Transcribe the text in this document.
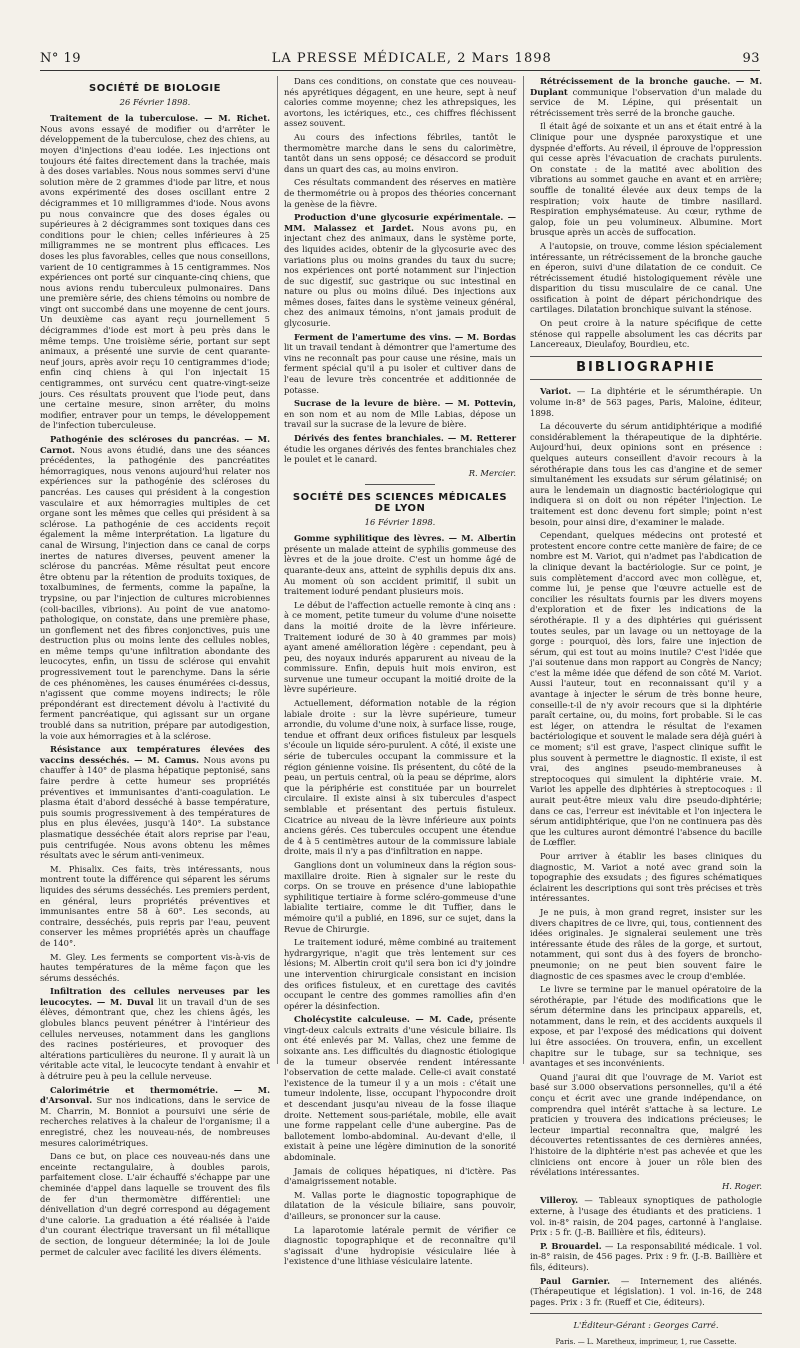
N° 19	LA PRESSE MÉDICALE, 2 Mars 1898	93
SOCIÉTÉ DE BIOLOGIE
26 Février 1898.

Traitement de la tuberculose. — M. Richet. Nous avons essayé de modifier ou d'arrêter le développement de la tuberculose, chez des chiens, au moyen d'injections d'eau iodée. Les injections ont toujours été faites directement dans la trachée, mais à des doses variables. Nous nous sommes servi d'une solution mère de 2 grammes d'iode par litre, et nous avons expérimenté des doses oscillant entre 2 décigrammes et 10 milligrammes d'iode. Nous avons pu nous convaincre que des doses égales ou supérieures à 2 décigrammes sont toxiques dans ces conditions pour le chien; celles inférieures à 25 milligrammes ne se montrent plus efficaces. Les doses les plus favorables, celles que nous conseillons, varient de 10 centigrammes à 15 centigrammes. Nos expériences ont porté sur cinquante-cinq chiens, que nous avions rendu tuberculeux pulmonaires. Dans une première série, des chiens témoins ou nombre de vingt ont succombé dans une moyenne de cent jours. Un deuxième cas ayant reçu journellement 5 décigrammes d'iode est mort à peu près dans le même temps. Une troisième série, portant sur sept animaux, a présenté une survie de cent quarante-neuf jours, après avoir reçu 10 centigrammes d'iode; enfin cinq chiens à qui l'on injectait 15 centigrammes, ont survécu cent quatre-vingt-seize jours. Ces résultats prouvent que l'iode peut, dans une certaine mesure, sinon arrêter, du moins modifier, entraver pour un temps, le développement de l'infection tuberculeuse.

Pathogénie des scléroses du pancréas. — M. Carnot. Nous avons étudié, dans une des séances précédentes, la pathogénie des pancréatites hémorragiques, nous venons aujourd'hui relater nos expériences sur la pathogénie des scléroses du pancréas. Les causes qui président à la congestion vasculaire et aux hémorragies multiples de cet organe sont les mêmes que celles qui président à sa sclérose. La pathogénie de ces accidents reçoit également la même interprétation. La ligature du canal de Wirsung, l'injection dans ce canal de corps inertes de natures diverses, peuvent amener la sclérose du pancréas. Même résultat peut encore être obtenu par la rétention de produits toxiques, de toxalbumines, de ferments, comme la papaïne, la trypsine, ou par l'injection de cultures microbiennes (coli-bacilles, vibrions). Au point de vue anatomo-pathologique, on constate, dans une première phase, un gonflement net des fibres conjonctives, puis une destruction plus ou moins lente des cellules nobles, en même temps qu'une infiltration abondante des leucocytes, enfin, un tissu de sclérose qui envahit progressivement tout le parenchyme. Dans la série de ces phénomènes, les causes énumérées ci-dessus, n'agissent que comme moyens indirects; le rôle prépondérant est directement dévolu à l'activité du ferment pancréatique, qui agissant sur un organe troublé dans sa nutrition, prépare par autodigestion, la voie aux hémorragies et à la sclérose.

Résistance aux températures élevées des vaccins desséchés. — M. Camus. Nous avons pu chauffer à 140° de plasma hépatique peptonisé, sans faire perdre à cette humeur ses propriétés préventives et immunisantes d'anti-coagulation. Le plasma était d'abord desséché à basse température, puis soumis progressivement à des températures de plus en plus élevées, jusqu'à 140°. La substance plasmatique desséchée était alors reprise par l'eau, puis centrifugée. Nous avons obtenu les mêmes résultats avec le sérum anti-venimeux.

M. Phisalix. Ces faits, très intéressants, nous montrent toute la différence qui séparent les sérums liquides des sérums desséchés. Les premiers perdent, en général, leurs propriétés préventives et immunisantes entre 58 à 60°. Les seconds, au contraire, desséchés, puis repris par l'eau, peuvent conserver les mêmes propriétés après un chauffage de 140°.

M. Gley. Les ferments se comportent vis-à-vis de hautes températures de la même façon que les sérums desséchés.

Infiltration des cellules nerveuses par les leucocytes. — M. Duval lit un travail d'un de ses élèves, démontrant que, chez les chiens âgés, les globules blancs peuvent pénétrer à l'intérieur des cellules nerveuses, notamment dans les ganglions des racines postérieures, et provoquer des altérations particulières du neurone. Il y aurait là un véritable acte vital, le leucocyte tendant à envahir et à détruire peu à peu la cellule nerveuse.

Calorimétrie et thermométrie. — M. d'Arsonval. Sur nos indications, dans le service de M. Charrin, M. Bonniot a poursuivi une série de recherches relatives à la chaleur de l'organisme; il a enregistré, chez les nouveau-nés, de nombreuses mesures calorimétriques.

Dans ce but, on place ces nouveau-nés dans une enceinte rectangulaire, à doubles parois, parfaitement close. L'air échauffé s'échappe par une cheminée d'appel dans laquelle se trouvent des fils de fer d'un thermomètre différentiel: une dénivellation d'un degré correspond au dégagement d'une calorie. La graduation a été réalisée à l'aide d'un courant électrique traversant un fil métallique de section, de longueur déterminée; la loi de Joule permet de calculer avec facilité les divers éléments.

Dans ces conditions, on constate que ces nouveau-nés apyrétiques dégagent, en une heure, sept à neuf calories comme moyenne; chez les athrepsiques, les avortons, les ictériques, etc., ces chiffres fléchissent assez souvent.

Au cours des infections fébriles, tantôt le thermomètre marche dans le sens du calorimètre, tantôt dans un sens opposé; ce désaccord se produit dans un quart des cas, au moins environ.

Ces résultats commandent des réserves en matière de thermométrie ou à propos des théories concernant la genèse de la fièvre.

Production d'une glycosurie expérimentale. — MM. Malassez et Jardet. Nous avons pu, en injectant chez des animaux, dans le système porte, des liquides acides, obtenir de la glycosurie avec des variations plus ou moins grandes du taux du sucre; nos expériences ont porté notamment sur l'injection de suc digestif, suc gastrique ou suc intestinal en nature ou plus ou moins dilué. Des injections aux mêmes doses, faites dans le système veineux général, chez des animaux témoins, n'ont jamais produit de glycosurie.

Ferment de l'amertume des vins. — M. Bordas lit un travail tendant à démontrer que l'amertume des vins ne reconnaît pas pour cause une résine, mais un ferment spécial qu'il a pu isoler et cultiver dans de l'eau de levure très concentrée et additionnée de potasse.

Sucrase de la levure de bière. — M. Pottevin, en son nom et au nom de Mlle Labias, dépose un travail sur la sucrase de la levure de bière.

Dérivés des fentes branchiales. — M. Retterer étudie les organes dérivés des fentes branchiales chez le poulet et le canard.

R. Mercier.
SOCIÉTÉ DES SCIENCES MÉDICALES DE LYON
16 Février 1898.

Gomme syphilitique des lèvres. — M. Albertin présente un malade atteint de syphilis gommeuse des lèvres et de la joue droite. C'est un homme âgé de quarante-deux ans, atteint de syphilis depuis dix ans. Au moment où son accident primitif, il subit un traitement ioduré pendant plusieurs mois.

Le début de l'affection actuelle remonte à cinq ans : à ce moment, petite tumeur du volume d'une noisette dans la moitié droite de la lèvre inférieure. Traitement ioduré de 30 à 40 grammes par mois) ayant amené amélioration légère : cependant, peu à peu, des noyaux indurés apparurent au niveau de la commissure. Enfin, depuis huit mois environ, est survenue une tumeur occupant la moitié droite de la lèvre supérieure.

Actuellement, déformation notable de la région labiale droite : sur la lèvre supérieure, tumeur arrondie, du volume d'une noix, à surface lisse, rouge, tendue et offrant deux orifices fistuleux par lesquels s'écoule un liquide séro-purulent. A côté, il existe une série de tubercules occupant la commissure et la région génienne voisine. Ils présentent, du côté de la peau, un pertuis central, où la peau se déprime, alors que la périphérie est constituée par un bourrelet circulaire. Il existe ainsi à six tubercules d'aspect semblable et présentant des pertuis fistuleux. Cicatrice au niveau de la lèvre inférieure aux points anciens gérés. Ces tubercules occupent une étendue de 4 à 5 centimètres autour de la commissure labiale droite, mais il n'y a pas d'infiltration en nappe.

Ganglions dont un volumineux dans la région sous-maxillaire droite. Rien à signaler sur le reste du corps. On se trouve en présence d'une labiopathie syphilitique tertiaire à forme scléro-gommeuse d'une labialite tertiaire, comme le dit Tuffier, dans le mémoire qu'il a publié, en 1896, sur ce sujet, dans la Revue de Chirurgie.

Le traitement ioduré, même combiné au traitement hydrargyrique, n'agit que très lentement sur ces lésions; M. Albertin croit qu'il sera bon ici d'y joindre une intervention chirurgicale consistant en incision des orifices fistuleux, et en curettage des cavités occupant le centre des gommes ramollies afin d'en opérer la désinfection.

Cholécystite calculeuse. — M. Cade, présente vingt-deux calculs extraits d'une vésicule biliaire. Ils ont été enlevés par M. Vallas, chez une femme de soixante ans. Les difficultés du diagnostic étiologique de la tumeur observée rendent intéressante l'observation de cette malade. Celle-ci avait constaté l'existence de la tumeur il y a un mois : c'était une tumeur indolente, lisse, occupant l'hypocondre droit et descendant jusqu'au niveau de la fosse iliaque droite. Nettement sous-pariétale, mobile, elle avait une forme rappelant celle d'une aubergine. Pas de ballotement lombo-abdominal. Au-devant d'elle, il existait à peine une légère diminution de la sonorité abdominale.

Jamais de coliques hépatiques, ni d'ictère. Pas d'amaigrissement notable.

M. Vallas porte le diagnostic topographique de dilatation de la vésicule biliaire, sans pouvoir, d'ailleurs, se prononcer sur la cause.

La laparotomie latérale permit de vérifier ce diagnostic topographique et de reconnaître qu'il s'agissait d'une hydropisie vésiculaire liée à l'existence d'une lithiase vésiculaire latente.

Rétrécissement de la bronche gauche. — M. Duplant communique l'observation d'un malade du service de M. Lépine, qui présentait un rétrécissement très serré de la bronche gauche.

Il était âgé de soixante et un ans et était entré à la Clinique pour une dyspnée paroxystique et une dyspnée d'efforts. Au réveil, il éprouve de l'oppression qui cesse après l'évacuation de crachats purulents. On constate : de la matité avec abolition des vibrations au sommet gauche en avant et en arrière; souffle de tonalité élevée aux deux temps de la respiration; voix haute de timbre nasillard. Respiration emphysémateuse. Au cœur, rythme de galop, foie un peu volumineux. Albumine. Mort brusque après un accès de suffocation.

A l'autopsie, on trouve, comme lésion spécialement intéressante, un rétrécissement de la bronche gauche en éperon, suivi d'une dilatation de ce conduit. Ce rétrécissement étudié histologiquement révèle une disparition du tissu musculaire de ce canal. Une ossification à point de départ périchondrique des cartilages. Dilatation bronchique suivant la sténose.

On peut croire à la nature spécifique de cette sténose qui rappelle absolument les cas décrits par Lancereaux, Dieulafoy, Bourdieu, etc.

BIBLIOGRAPHIE

Variot. — La diphtérie et le sérumthérapie. Un volume in-8° de 563 pages, Paris, Maloine, éditeur, 1898.

La découverte du sérum antidiphtérique a modifié considérablement la thérapeutique de la diphtérie. Aujourd'hui, deux opinions sont en présence : quelques auteurs conseillent d'avoir recours à la sérothérapie dans tous les cas d'angine et de semer simultanément les exsudats sur sérum gélatinisé; on aura le lendemain un diagnostic bactériologique qui indiquera si on doit ou non répéter l'injection. Le traitement est donc devenu fort simple; point n'est besoin, pour ainsi dire, d'examiner le malade.

Cependant, quelques médecins ont protesté et protestent encore contre cette manière de faire; de ce nombre est M. Variot, qui n'admet pas l'abdication de la clinique devant la bactériologie. Sur ce point, je suis complètement d'accord avec mon collègue, et, comme lui, je pense que l'œuvre actuelle est de concilier les résultats fournis par les divers moyens d'exploration et de fixer les indications de la sérothérapie. Il y a des diphtéries qui guérissent toutes seules, par un lavage ou un nettoyage de la gorge : pourquoi, dès lors, faire une injection de sérum, qui est tout au moins inutile? C'est l'idée que j'ai soutenue dans mon rapport au Congrès de Nancy; c'est la même idée que défend de son côté M. Variot. Aussi l'auteur, tout en reconnaissant qu'il y a avantage à injecter le sérum de très bonne heure, conseille-t-il de n'y avoir recours que si la diphtérie paraît certaine, ou, du moins, fort probable. Si le cas est léger, on attendra le résultat de l'examen bactériologique et souvent le malade sera déjà guéri à ce moment; s'il est grave, l'aspect clinique suffit le plus souvent à permettre le diagnostic. Il existe, il est vrai, des angines pseudo-membraneuses à streptocoques qui simulent la diphtérie vraie. M. Variot les appelle des diphtéries à streptocoques : il aurait peut-être mieux valu dire pseudo-diphtérie; dans ce cas, l'erreur est inévitable et l'on injectera le sérum antidiphtérique, que l'on ne continuera pas dès que les cultures auront démontré l'absence du bacille de Lœffler.

Pour arriver à établir les bases cliniques du diagnostic, M. Variot a noté avec grand soin la topographie des exsudats ; des figures schématiques éclairent les descriptions qui sont très précises et très intéressantes.

Je ne puis, à mon grand regret, insister sur les divers chapitres de ce livre, qui, tous, contiennent des idées originales. Je signalerai seulement une très intéressante étude des râles de la gorge, et surtout, notamment, qui sont dus à des foyers de broncho-pneumonie; on ne peut bien souvent faire le diagnostic de ces spasmes avec le croup d'emblée.

Le livre se termine par le manuel opératoire de la sérothérapie, par l'étude des modifications que le sérum détermine dans les principaux appareils, et, notamment, dans le rein, et des accidents auxquels il expose, et par l'exposé des médications qui doivent lui être associées. On trouvera, enfin, un excellent chapitre sur le tubage, sur sa technique, ses avantages et ses inconvénients.

Quand j'aurai dit que l'ouvrage de M. Variot est basé sur 3.000 observations personnelles, qu'il a été conçu et écrit avec une grande indépendance, on comprendra quel intérêt s'attache à sa lecture. Le praticien y trouvera des indications précieuses; le lecteur impartial reconnaîtra que, malgré les découvertes retentissantes de ces dernières années, l'histoire de la diphtérie n'est pas achevée et que les cliniciens ont encore à jouer un rôle bien des révélations intéressantes.

H. Roger.

Villeroy. — Tableaux synoptiques de pathologie externe, à l'usage des étudiants et des praticiens. 1 vol. in-8° raisin, de 204 pages, cartonné à l'anglaise. Prix : 5 fr. (J.-B. Baillière et fils, éditeurs).

P. Brouardel. — La responsabilité médicale. 1 vol. in-8° raisin, de 456 pages. Prix : 9 fr. (J.-B. Baillière et fils, éditeurs).

Paul Garnier. — Internement des aliénés. (Thérapeutique et législation). 1 vol. in-16, de 248 pages. Prix : 3 fr. (Rueff et Cie, éditeurs).

L'Éditeur-Gérant : Georges Carré.
Paris. — L. Maretheux, imprimeur, 1, rue Cassette.
